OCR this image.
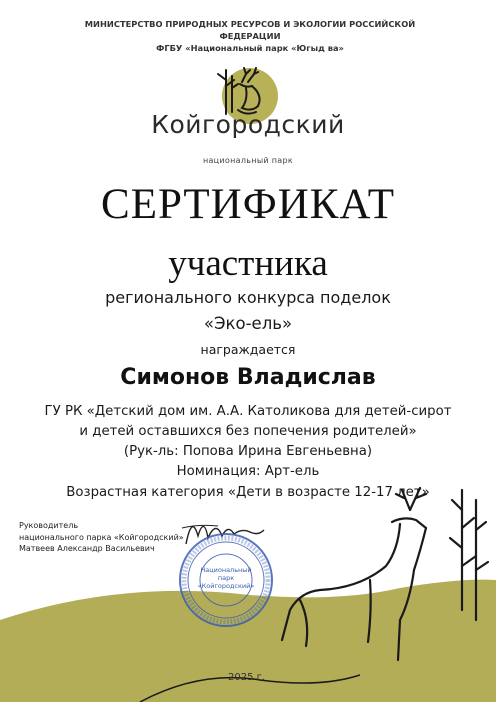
МИНИСТЕРСТВО ПРИРОДНЫХ РЕСУРСОВ И ЭКОЛОГИИ РОССИЙСКОЙ ФЕДЕРАЦИИ
ФГБУ «Национальный парк «Югыд ва»
Койгородский
национальный парк
СЕРТИФИКАТ
участника
регионального конкурса поделок
«Эко-ель»
награждается
Симонов Владислав
ГУ РК «Детский дом им. А.А. Католикова для детей-сирот
и детей оставшихся без попечения родителей»
(Рук-ль: Попова Ирина Евгеньевна)
Номинация: Арт-ель
Возрастная категория «Дети в возрасте 12-17 лет»
Руководитель
национального парка «Койгородский»
Матвеев Александр Васильевич
Национальный
парк
«Койгородский»
2025 г.
